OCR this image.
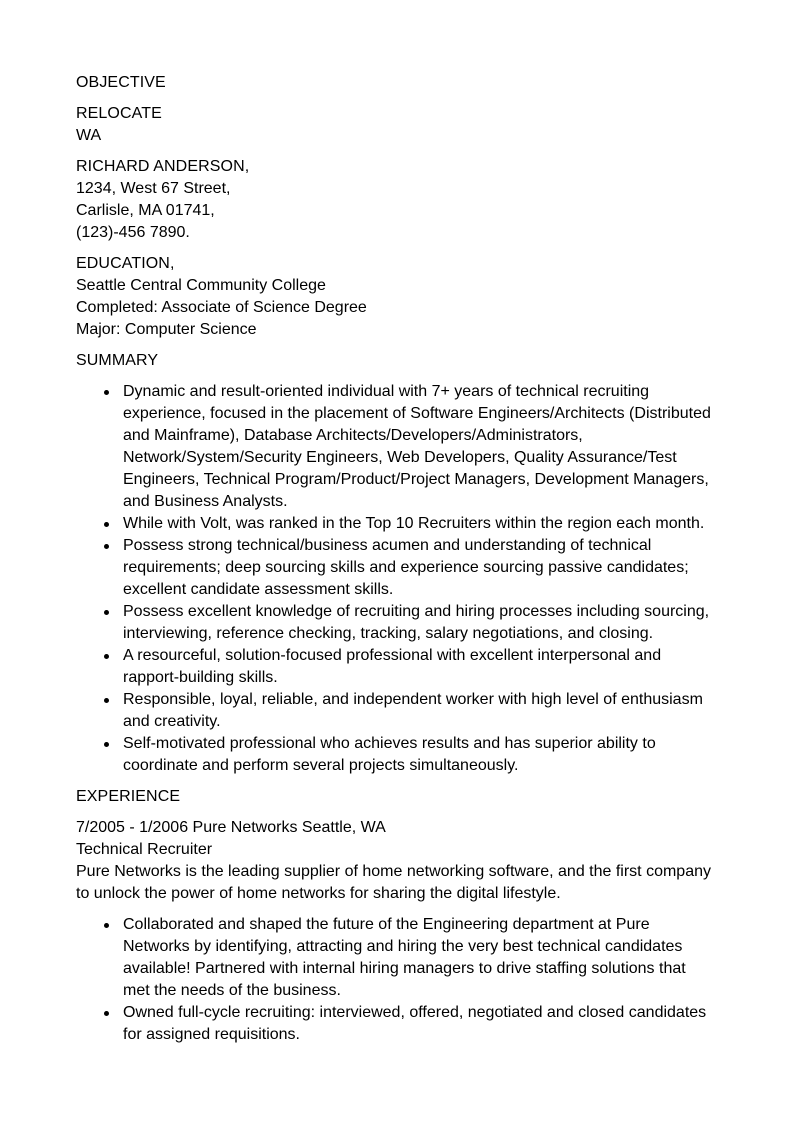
OBJECTIVE

RELOCATE

WA

RICHARD ANDERSON,

1234, West 67 Street,

Carlisle, MA 01741,

(123)-456 7890.

EDUCATION,

Seattle Central Community College

Completed: Associate of Science Degree

Major: Computer Science

SUMMARY

Dynamic and result-oriented individual with 7+ years of technical recruiting experience, focused in the placement of Software Engineers/Architects (Distributed and Mainframe), Database Architects/Developers/Administrators, Network/System/Security Engineers, Web Developers, Quality Assurance/Test Engineers, Technical Program/Product/Project Managers, Development Managers, and Business Analysts.
While with Volt, was ranked in the Top 10 Recruiters within the region each month.
Possess strong technical/business acumen and understanding of technical requirements; deep sourcing skills and experience sourcing passive candidates; excellent candidate assessment skills.
Possess excellent knowledge of recruiting and hiring processes including sourcing, interviewing, reference checking, tracking, salary negotiations, and closing.
A resourceful, solution-focused professional with excellent interpersonal and rapport-building skills.
Responsible, loyal, reliable, and independent worker with high level of enthusiasm and creativity.
Self-motivated professional who achieves results and has superior ability to coordinate and perform several projects simultaneously.

EXPERIENCE

7/2005 - 1/2006 Pure Networks Seattle, WA

Technical Recruiter

Pure Networks is the leading supplier of home networking software, and the first company to unlock the power of home networks for sharing the digital lifestyle.

Collaborated and shaped the future of the Engineering department at Pure Networks by identifying, attracting and hiring the very best technical candidates available! Partnered with internal hiring managers to drive staffing solutions that met the needs of the business.
Owned full-cycle recruiting: interviewed, offered, negotiated and closed candidates for assigned requisitions.
